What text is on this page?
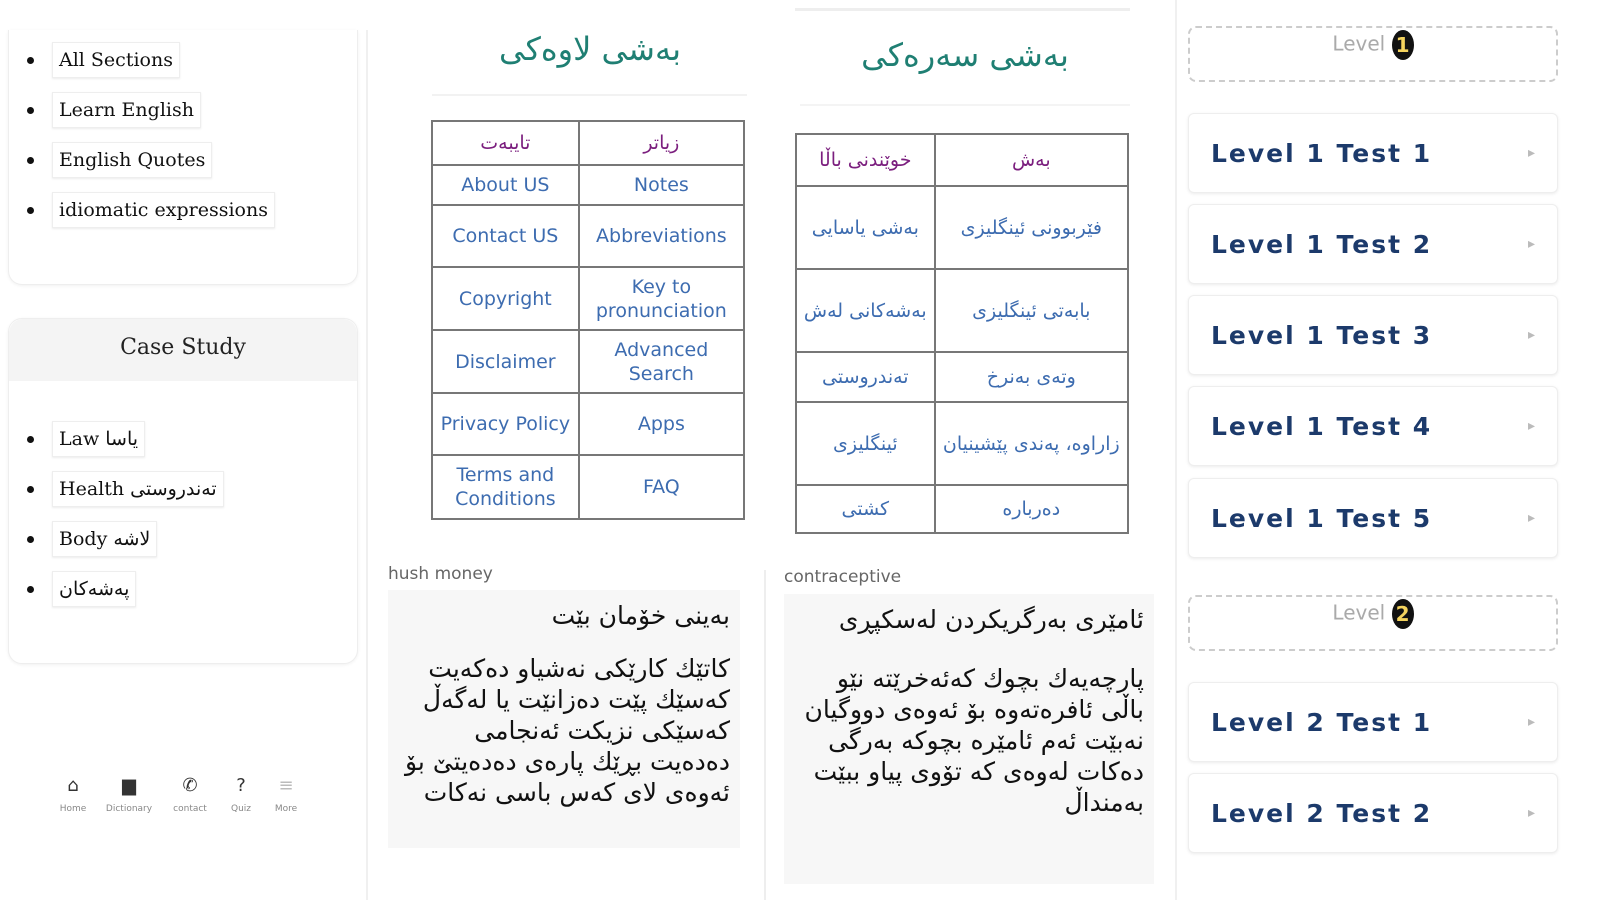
All Sections
Learn English
English Quotes
idiomatic expressions
Case Study
Law یاسا
Health تەندروستی
Body لاشە
پەشەکان
⌂
Home
▆
Dictionary
✆
contact
?
Quiz
≡
More
بەشی لاوەکی
تایبەت	زیاتر
About US	Notes
Contact US	Abbreviations
Copyright	Key to pronunciation
Disclaimer	Advanced Search
Privacy Policy	Apps
Terms and Conditions	FAQ
بەشی سەرەکی
خوێندنی باڵا	بەش
بەشی یاسایی	فێربوونی ئینگلیزی
بەشەکانی لەش	بابەتی ئینگلیزی
تەندروستی	وتەی بەنرخ
ئینگلیزی	زاراوە، پەندی پێشینیان
کشتی	دەربارە
hush money
بەینی خۆمان بێت
کاتێك کارێکی نەشیاو دەکەیت کەسێك پێت دەزانێت یا لەگەڵ کەسێکی نزیکت ئەنجامی دەدەیت بڕێك پارەی دەدەیتێ بۆ ئەوەی لای کەس باسی نەکات
contraceptive
ئامێری بەرگریکردن لەسکپڕی
پارچەیەك بچوك کەئەخرێتە نێو باڵی ئافرەتەوە بۆ ئەوەی دووگیان نەبێت ئەم ئامێرە بچوکە بەرگی دەکات لەوەی کە تۆوی پیاو ببێت بەمنداڵ
Level 1
Level 1 Test 1	▸
Level 1 Test 2	▸
Level 1 Test 3	▸
Level 1 Test 4	▸
Level 1 Test 5	▸
Level 2
Level 2 Test 1	▸
Level 2 Test 2	▸
